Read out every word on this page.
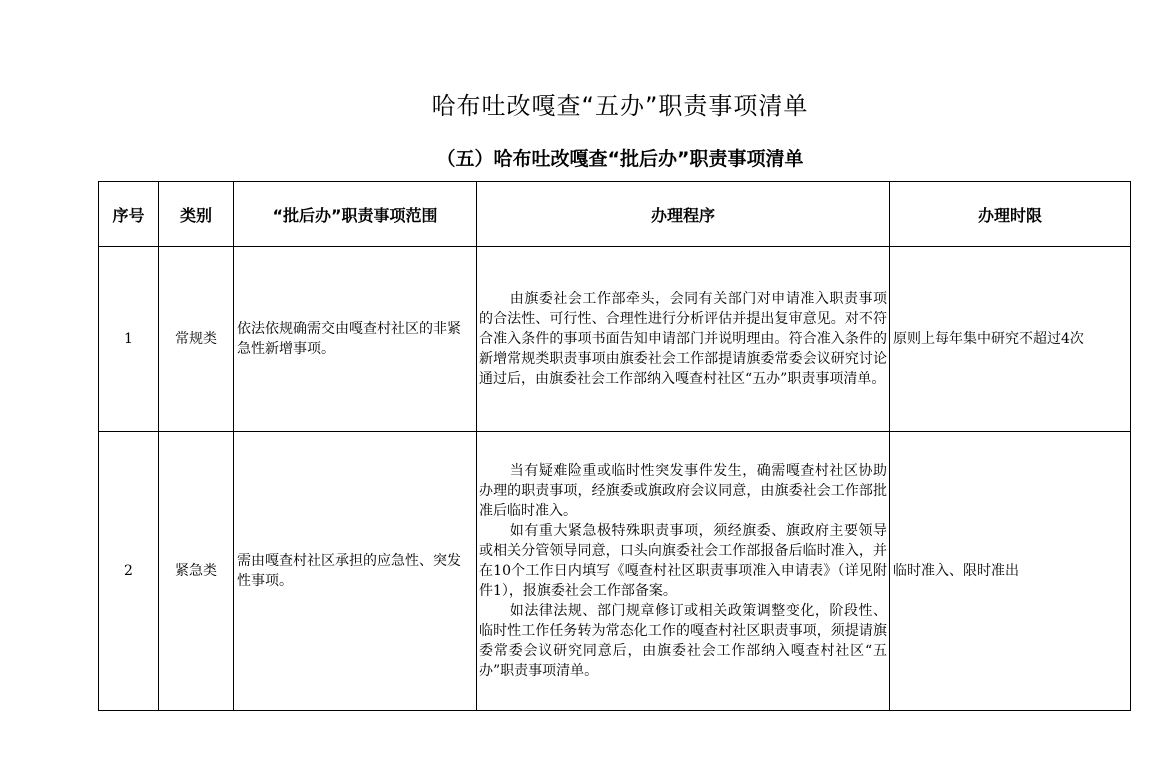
哈布吐改嘎查“五办”职责事项清单
（五）哈布吐改嘎查“批后办”职责事项清单
序号	类别	“批后办”职责事项范围	办理程序	办理时限
1	常规类	依法依规确需交由嘎查村社区的非紧急性新增事项。	由旗委社会工作部牵头，会同有关部门对申请准入职责事项的合法性、可行性、合理性进行分析评估并提出复审意见。对不符合准入条件的事项书面告知申请部门并说明理由。符合准入条件的新增常规类职责事项由旗委社会工作部提请旗委常委会议研究讨论通过后，由旗委社会工作部纳入嘎查村社区“五办”职责事项清单。	原则上每年集中研究不超过4次
2	紧急类	需由嘎查村社区承担的应急性、突发性事项。	当有疑难险重或临时性突发事件发生，确需嘎查村社区协助办理的职责事项，经旗委或旗政府会议同意，由旗委社会工作部批准后临时准入。

如有重大紧急极特殊职责事项，须经旗委、旗政府主要领导或相关分管领导同意，口头向旗委社会工作部报备后临时准入，并在10个工作日内填写《嘎查村社区职责事项准入申请表》（详见附件1），报旗委社会工作部备案。

如法律法规、部门规章修订或相关政策调整变化，阶段性、临时性工作任务转为常态化工作的嘎查村社区职责事项，须提请旗委常委会议研究同意后，由旗委社会工作部纳入嘎查村社区“五办”职责事项清单。	临时准入、限时准出
